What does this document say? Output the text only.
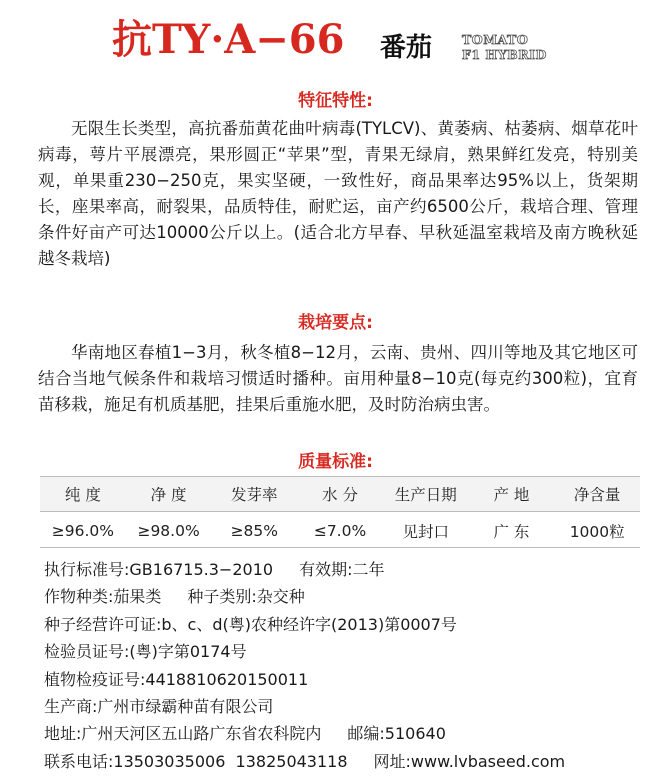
抗TY·A−66 番茄 TOMATO
F1 HYBRID
特征特性:

无限生长类型，高抗番茄黄花曲叶病毒(TYLCV)、黄萎病、枯萎病、烟草花叶病毒，萼片平展漂亮，果形圆正“苹果”型，青果无绿肩，熟果鲜红发亮，特别美观，单果重230−250克，果实坚硬，一致性好，商品果率达95%以上，货架期长，座果率高，耐裂果，品质特佳，耐贮运，亩产约6500公斤，栽培合理、管理条件好亩产可达10000公斤以上。(适合北方早春、早秋延温室栽培及南方晚秋延越冬栽培)

栽培要点:

华南地区春植1−3月，秋冬植8−12月，云南、贵州、四川等地及其它地区可结合当地气候条件和栽培习惯适时播种。亩用种量8−10克(每克约300粒)，宜育苗移栽，施足有机质基肥，挂果后重施水肥，及时防治病虫害。

质量标准:
纯 度	净 度	发芽率	水 分	生产日期	产 地	净含量
≥96.0%	≥98.0%	≥85%	≤7.0%	见封口	广 东	1000粒
执行标准号:GB16715.3−2010 有效期:二年
作物种类:茄果类 种子类别:杂交种
种子经营许可证:b、c、d(粤)农种经许字(2013)第0007号
检验员证号:(粤)字第0174号
植物检疫证号:4418810620150011
生产商:广州市绿霸种苗有限公司
地址:广州天河区五山路广东省农科院内 邮编:510640
联系电话:13503035006  13825043118 网址:www.lvbaseed.com
